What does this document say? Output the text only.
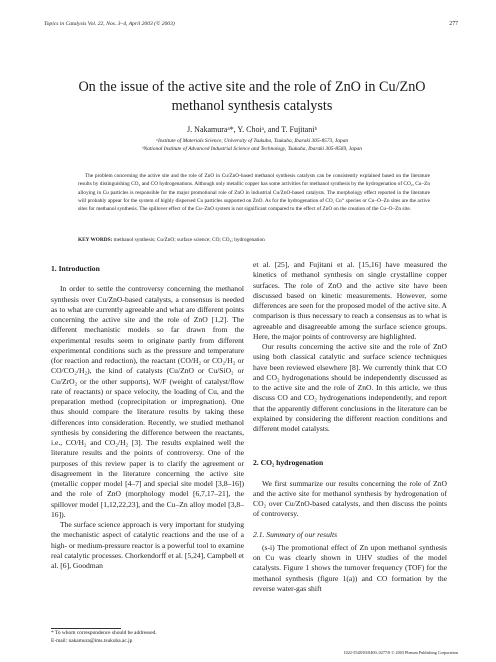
Topics in Catalysis Vol. 22, Nos. 3–4, April 2003 (© 2003)	277
On the issue of the active site and the role of ZnO in Cu/ZnO
methanol synthesis catalysts
J. Nakamuraᵃ*, Y. Choiᵃ, and T. Fujitaniᵇ
ᵃInstitute of Materials Science, University of Tsukuba, Tsukuba, Ibaraki 305-8573, Japan
ᵇNational Institute of Advanced Industrial Science and Technology, Tsukuba, Ibaraki 305-8569, Japan

The problem concerning the active site and the role of ZnO in Cu/ZnO-based methanol synthesis catalysts can be consistently explained based on the literature results by distinguishing CO₂ and CO hydrogenations. Although only metallic copper has some activities for methanol synthesis by the hydrogenation of CO₂, Cu–Zn alloying in Cu particles is responsible for the major promotional role of ZnO in industrial Cu/ZnO-based catalysts. The morphology effect reported in the literature will probably appear for the system of highly dispersed Cu particles supported on ZnO. As for the hydrogenation of CO, Cu⁺ species or Cu–O–Zn sites are the active sites for methanol synthesis. The spillover effect of the Cu–ZnO system is not significant compared to the effect of ZnO on the creation of the Cu–O–Zn site.

KEY WORDS: methanol synthesis; Cu/ZnO; surface science; CO; CO₂; hydrogenation
1. Introduction

In order to settle the controversy concerning the methanol synthesis over Cu/ZnO-based catalysts, a consensus is needed as to what are currently agreeable and what are different points concerning the active site and the role of ZnO [1,2]. The different mechanistic models so far drawn from the experimental results seem to originate partly from different experimental conditions such as the pressure and temperature (for reaction and reduction), the reactant (CO/H₂ or CO₂/H₂ or CO/CO₂/H₂), the kind of catalysts (Cu/ZnO or Cu/SiO₂ or Cu/ZrO₂ or the other supports), W/F (weight of catalyst/flow rate of reactants) or space velocity, the loading of Cu, and the preparation method (coprecipitation or impregnation). One thus should compare the literature results by taking these differences into consideration. Recently, we studied methanol synthesis by considering the difference between the reactants, i.e., CO/H₂ and CO₂/H₂ [3]. The results explained well the literature results and the points of controversy. One of the purposes of this review paper is to clarify the agreement or disagreement in the literature concerning the active site (metallic copper model [4–7] and special site model [3,8–16]) and the role of ZnO (morphology model [6,7,17–21], the spillover model [1,12,22,23], and the Cu–Zn alloy model [3,8–16]).

The surface science approach is very important for studying the mechanistic aspect of catalytic reactions and the use of a high- or medium-pressure reactor is a powerful tool to examine real catalytic processes. Chorkendorff et al. [5,24], Campbell et al. [6], Goodman

et al. [25], and Fujitani et al. [15,16] have measured the kinetics of methanol synthesis on single crystalline copper surfaces. The role of ZnO and the active site have been discussed based on kinetic measurements. However, some differences are seen for the proposed model of the active site. A comparison is thus necessary to reach a consensus as to what is agreeable and disagreeable among the surface science groups. Here, the major points of controversy are highlighted.

Our results concerning the active site and the role of ZnO using both classical catalytic and surface science techniques have been reviewed elsewhere [8]. We currently think that CO and CO₂ hydrogenations should be independently discussed as to the active site and the role of ZnO. In this article, we thus discuss CO and CO₂ hydrogenations independently, and report that the apparently different conclusions in the literature can be explained by considering the different reaction conditions and different model catalysts.

2. CO₂ hydrogenation

We first summarize our results concerning the role of ZnO and the active site for methanol synthesis by hydrogenation of CO₂ over Cu/ZnO-based catalysts, and then discuss the points of controversy.

2.1. Summary of our results

(s-i) The promotional effect of Zn upon methanol synthesis on Cu was clearly shown in UHV studies of the model catalysts. Figure 1 shows the turnover frequency (TOF) for the methanol synthesis (figure 1(a)) and CO formation by the reverse water-gas shift

* To whom correspondence should be addressed.
E-mail: nakamura@ims.tsukuba.ac.jp
1022-5528/03/0400–0277/0 © 2003 Plenum Publishing Corporation
